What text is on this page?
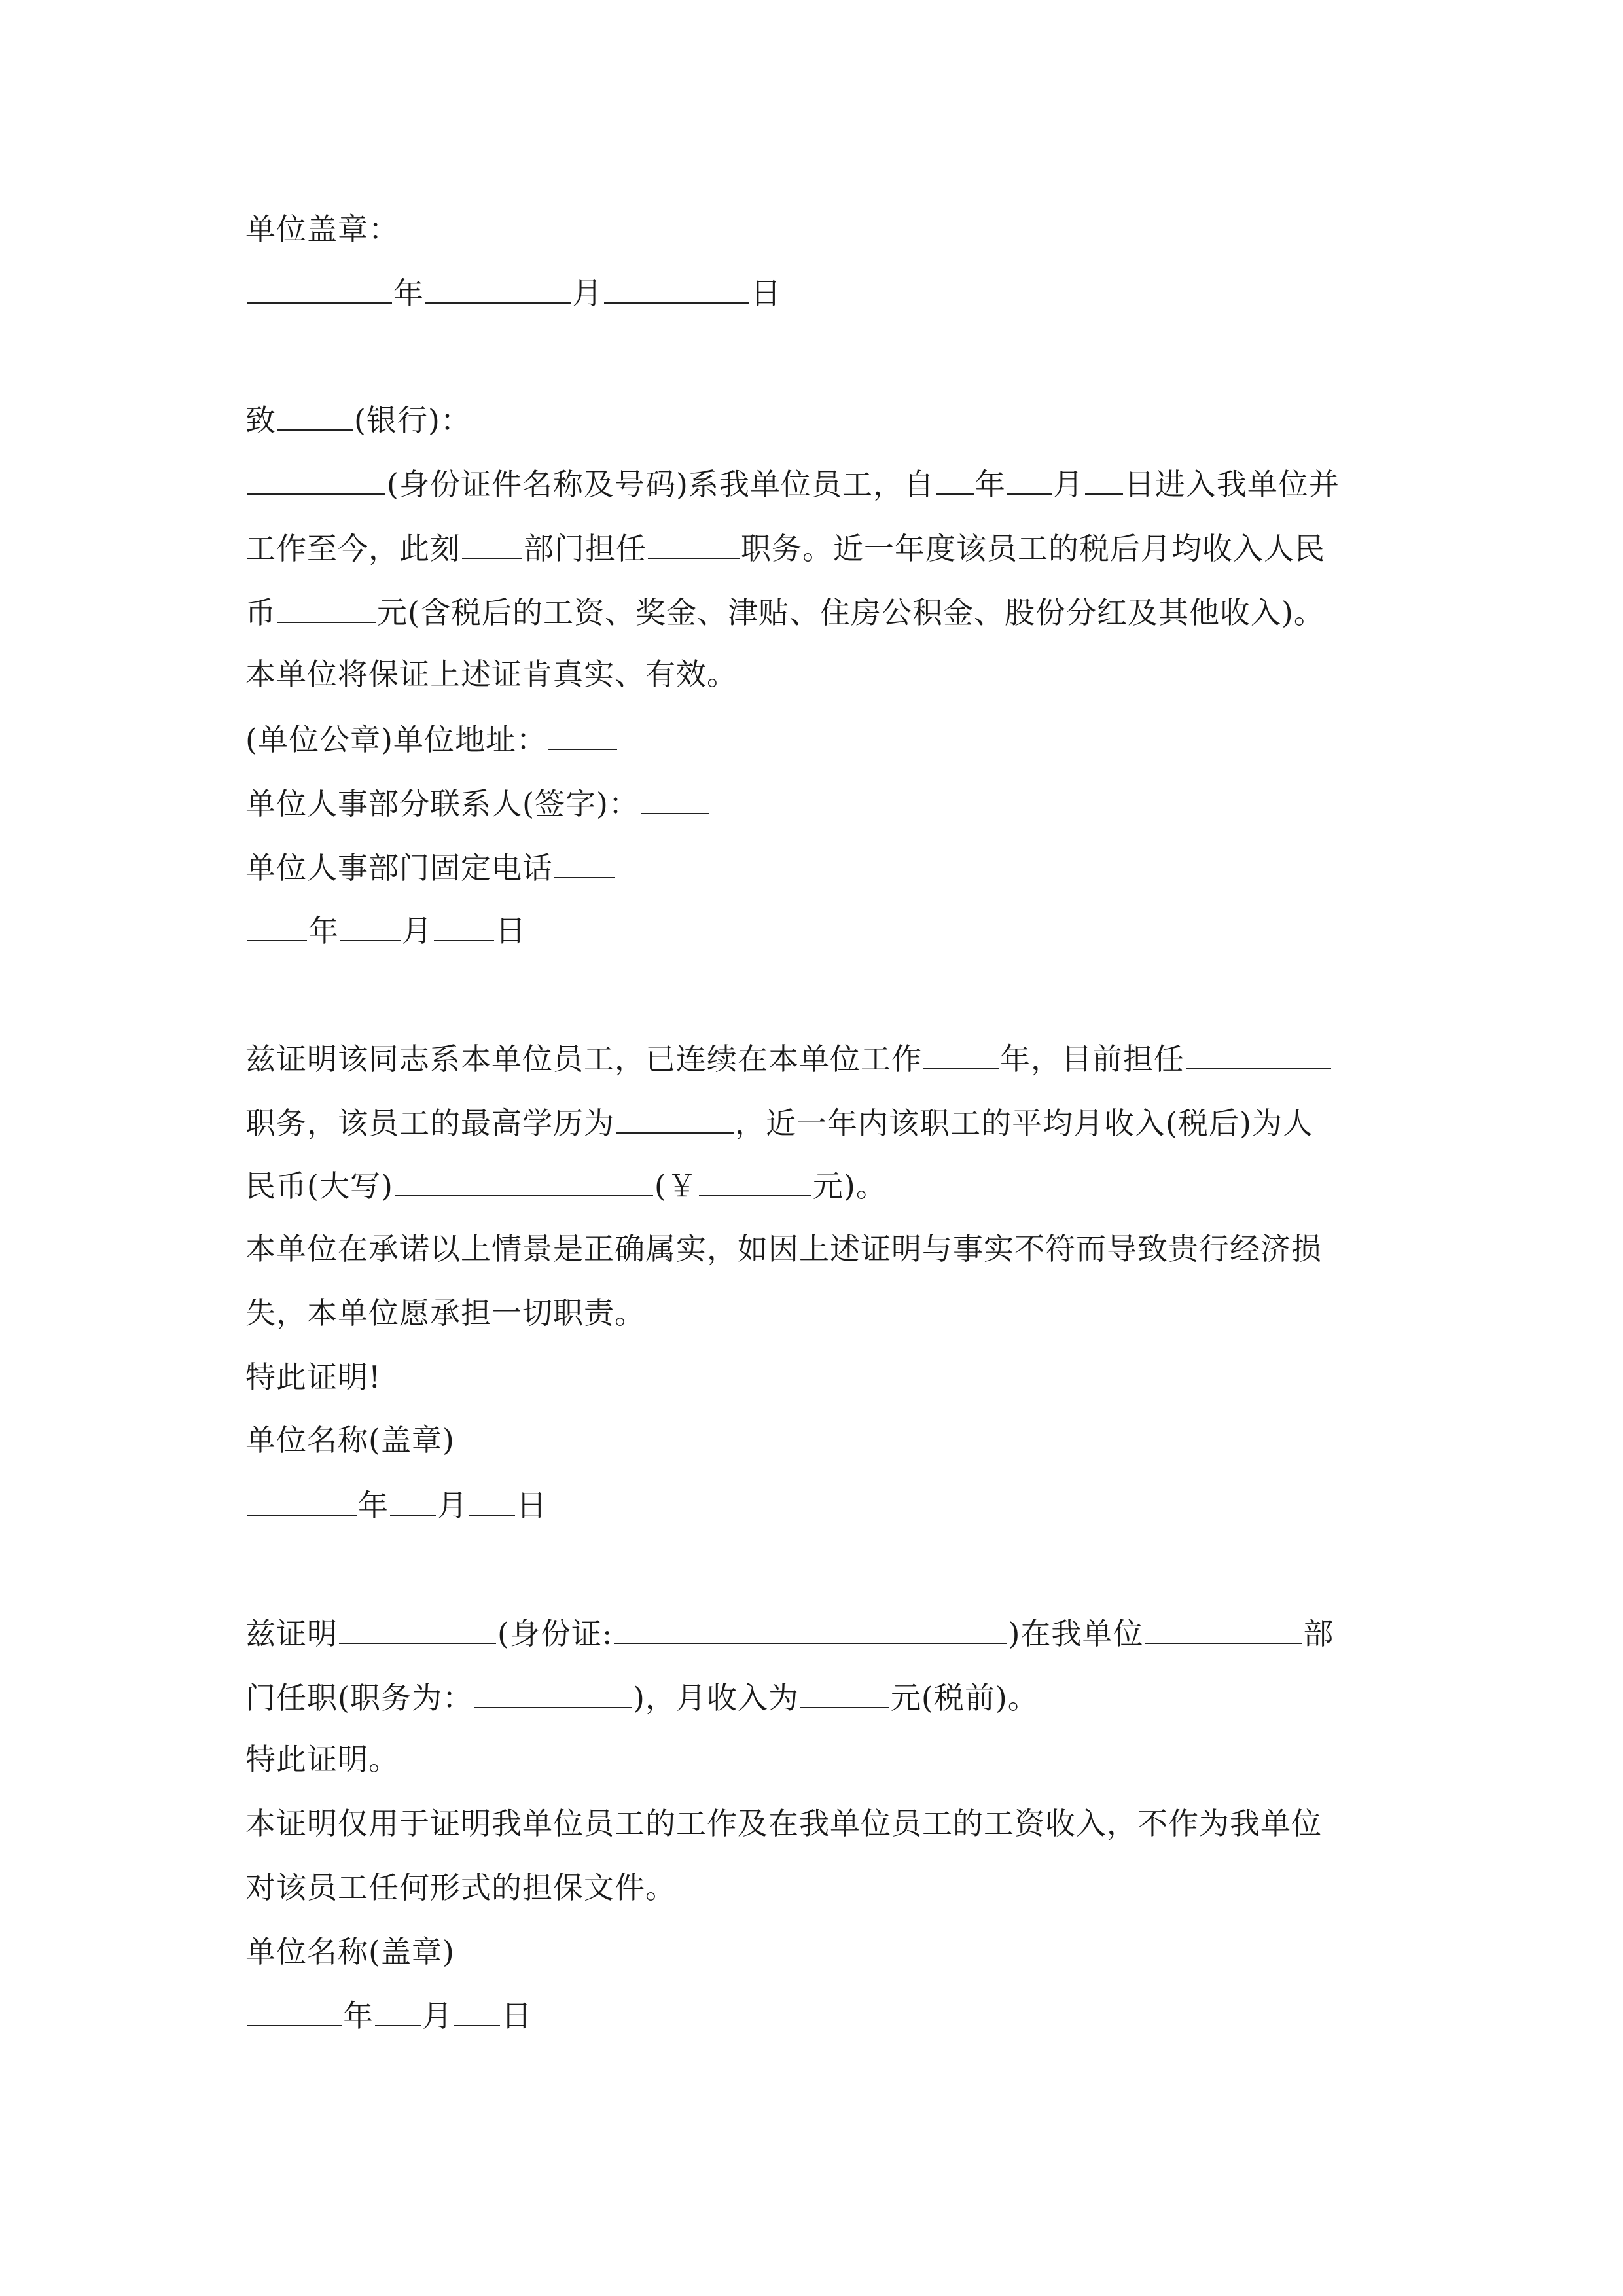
单位盖章：
年	月	日
致	(银行)：
(身份证件名称及号码)系我单位员工，自 年 月 日进入我单位并
工作至今，此刻 部门担任	职务。近一年度该员工的税后月均收入人民
币	元(含税后的工资、奖金、津贴、住房公积金、股份分红及其他收入)。
本单位将保证上述证肯真实、有效。
(单位公章)单位地址：
单位人事部分联系人(签字)：
单位人事部门固定电话
年 月 日
兹证明该同志系本单位员工，已连续在本单位工作	年，目前担任
职务，该员工的最高学历为	，近一年内该职工的平均月收入(税后)为人
民币(大写)	(￥	元)。
本单位在承诺以上情景是正确属实，如因上述证明与事实不符而导致贵行经济损
失，本单位愿承担一切职责。
特此证明!
单位名称(盖章)
年 月 日
兹证明	(身份证:	)在我单位	部
门任职(职务为：	)，月收入为	元(税前)。
特此证明。
本证明仅用于证明我单位员工的工作及在我单位员工的工资收入，不作为我单位
对该员工任何形式的担保文件。
单位名称(盖章)
年 月 日
